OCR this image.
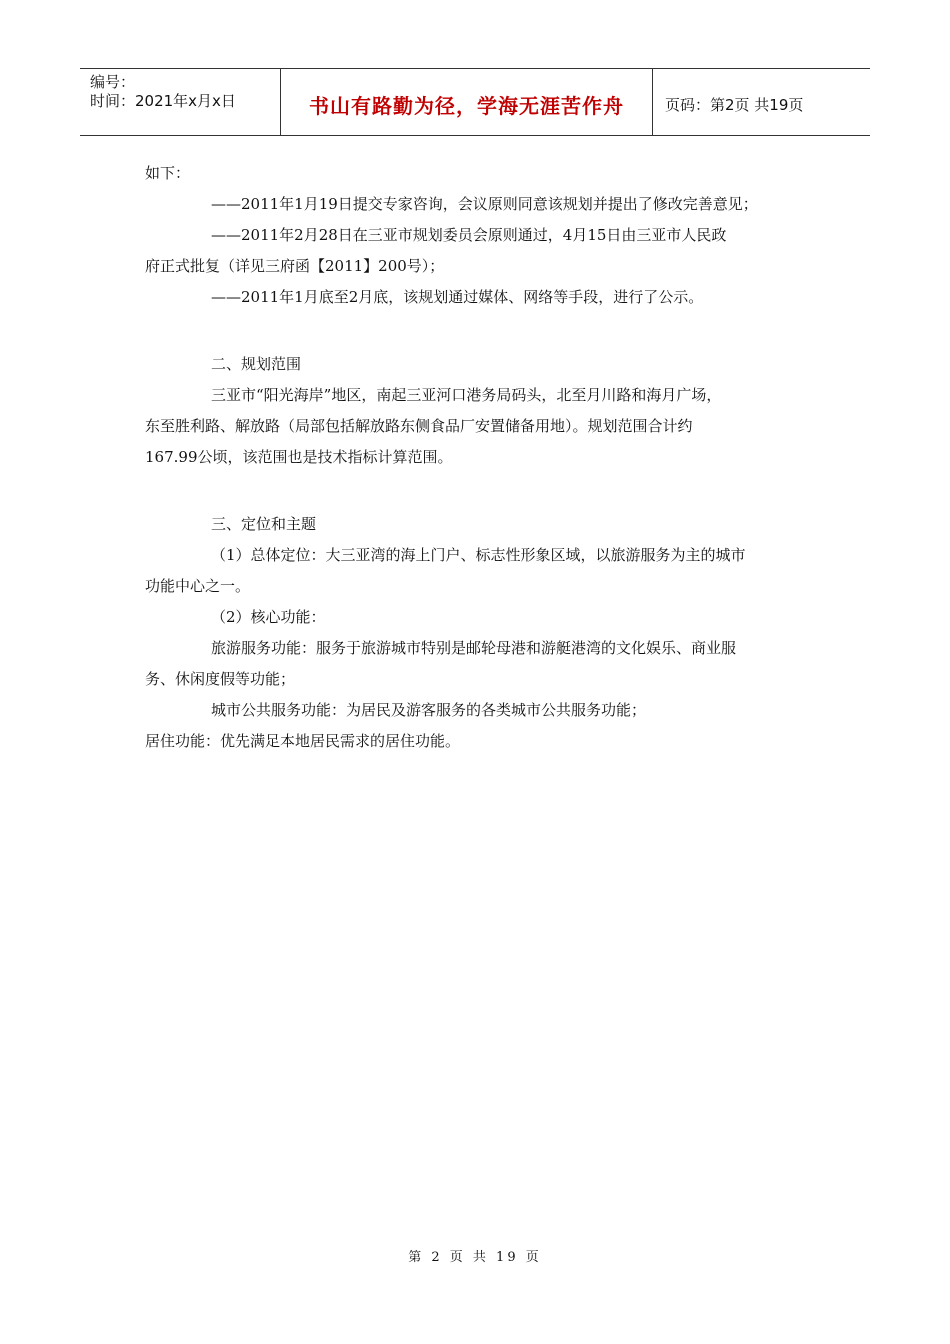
编号：
时间：2021年x月x日	书山有路勤为径，学海无涯苦作舟	页码：第2页 共19页

如下：

——2011年1月19日提交专家咨询，会议原则同意该规划并提出了修改完善意见；

——2011年2月28日在三亚市规划委员会原则通过，4月15日由三亚市人民政

府正式批复（详见三府函【2011】200号）；

——2011年1月底至2月底，该规划通过媒体、网络等手段，进行了公示。

二、规划范围

三亚市“阳光海岸”地区，南起三亚河口港务局码头，北至月川路和海月广场，

东至胜利路、解放路（局部包括解放路东侧食品厂安置储备用地）。规划范围合计约

167.99公顷，该范围也是技术指标计算范围。

三、定位和主题

（1）总体定位：大三亚湾的海上门户、标志性形象区域，以旅游服务为主的城市

功能中心之一。

（2）核心功能：

旅游服务功能：服务于旅游城市特别是邮轮母港和游艇港湾的文化娱乐、商业服

务、休闲度假等功能；

城市公共服务功能：为居民及游客服务的各类城市公共服务功能；

居住功能：优先满足本地居民需求的居住功能。

第 2 页 共 19 页
